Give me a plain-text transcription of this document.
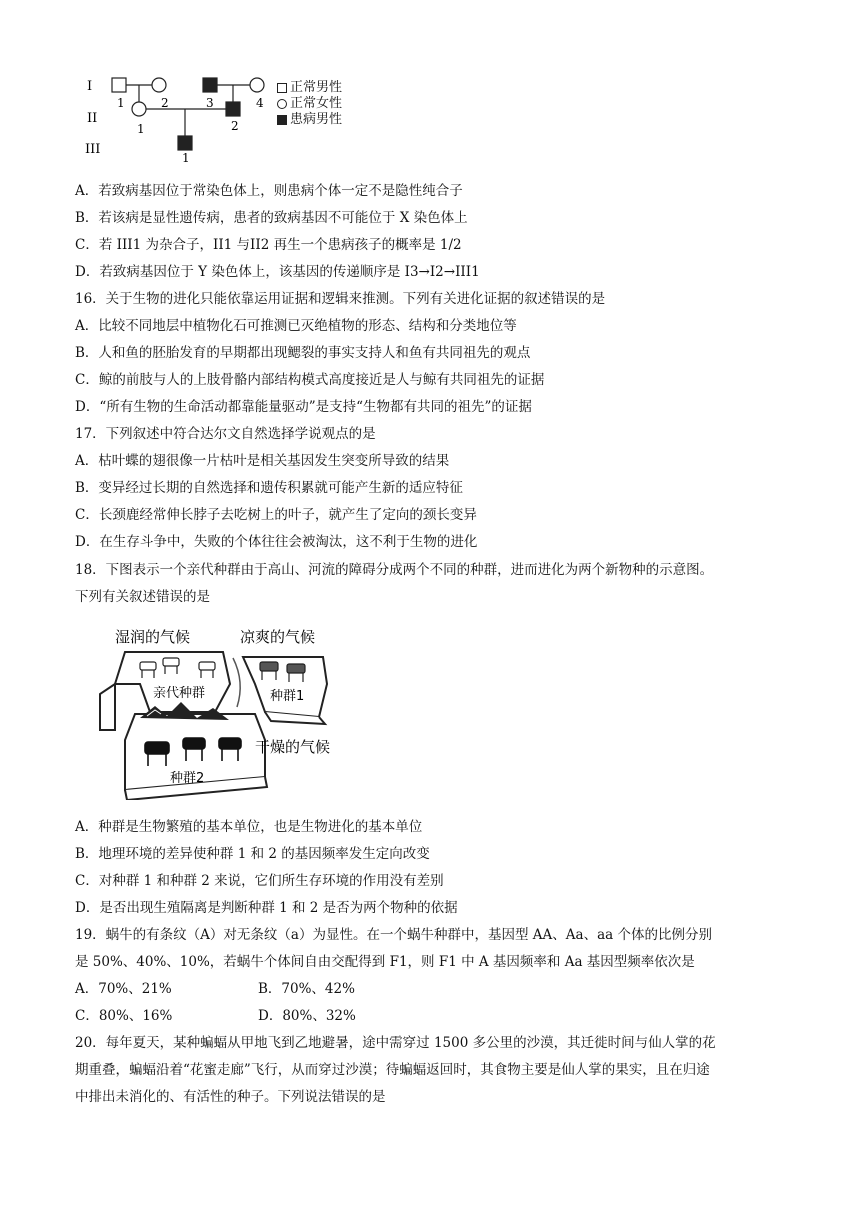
I
II
III
1	2	3	4
1	2
1
正常男性
正常女性
患病男性
A．若致病基因位于常染色体上，则患病个体一定不是隐性纯合子
B．若该病是显性遗传病，患者的致病基因不可能位于 X 染色体上
C．若 III1 为杂合子，II1 与II2 再生一个患病孩子的概率是 1/2
D．若致病基因位于 Y 染色体上，该基因的传递顺序是 I3→I2→III1
16．关于生物的进化只能依靠运用证据和逻辑来推测。下列有关进化证据的叙述错误的是
A．比较不同地层中植物化石可推测已灭绝植物的形态、结构和分类地位等
B．人和鱼的胚胎发育的早期都出现鳃裂的事实支持人和鱼有共同祖先的观点
C．鲸的前肢与人的上肢骨骼内部结构模式高度接近是人与鲸有共同祖先的证据
D．“所有生物的生命活动都靠能量驱动”是支持“生物都有共同的祖先”的证据
17．下列叙述中符合达尔文自然选择学说观点的是
A．枯叶蝶的翅很像一片枯叶是相关基因发生突变所导致的结果
B．变异经过长期的自然选择和遗传积累就可能产生新的适应特征
C．长颈鹿经常伸长脖子去吃树上的叶子，就产生了定向的颈长变异
D．在生存斗争中，失败的个体往往会被淘汰，这不利于生物的进化
18．下图表示一个亲代种群由于高山、河流的障碍分成两个不同的种群，进而进化为两个新物种的示意图。
下列有关叙述错误的是
湿润的气候	凉爽的气候
亲代种群	种群1
干燥的气候
种群2
A．种群是生物繁殖的基本单位，也是生物进化的基本单位
B．地理环境的差异使种群 1 和 2 的基因频率发生定向改变
C．对种群 1 和种群 2 来说，它们所生存环境的作用没有差别
D．是否出现生殖隔离是判断种群 1 和 2 是否为两个物种的依据
19．蜗牛的有条纹（A）对无条纹（a）为显性。在一个蜗牛种群中，基因型 AA、Aa、aa 个体的比例分别
是 50%、40%、10%，若蜗牛个体间自由交配得到 F1，则 F1 中 A 基因频率和 Aa 基因型频率依次是
A．70%、21%	B．70%、42%
C．80%、16%	D．80%、32%
20．每年夏天，某种蝙蝠从甲地飞到乙地避暑，途中需穿过 1500 多公里的沙漠，其迁徙时间与仙人掌的花
期重叠，蝙蝠沿着“花蜜走廊”飞行，从而穿过沙漠；待蝙蝠返回时，其食物主要是仙人掌的果实，且在归途
中排出未消化的、有活性的种子。下列说法错误的是
